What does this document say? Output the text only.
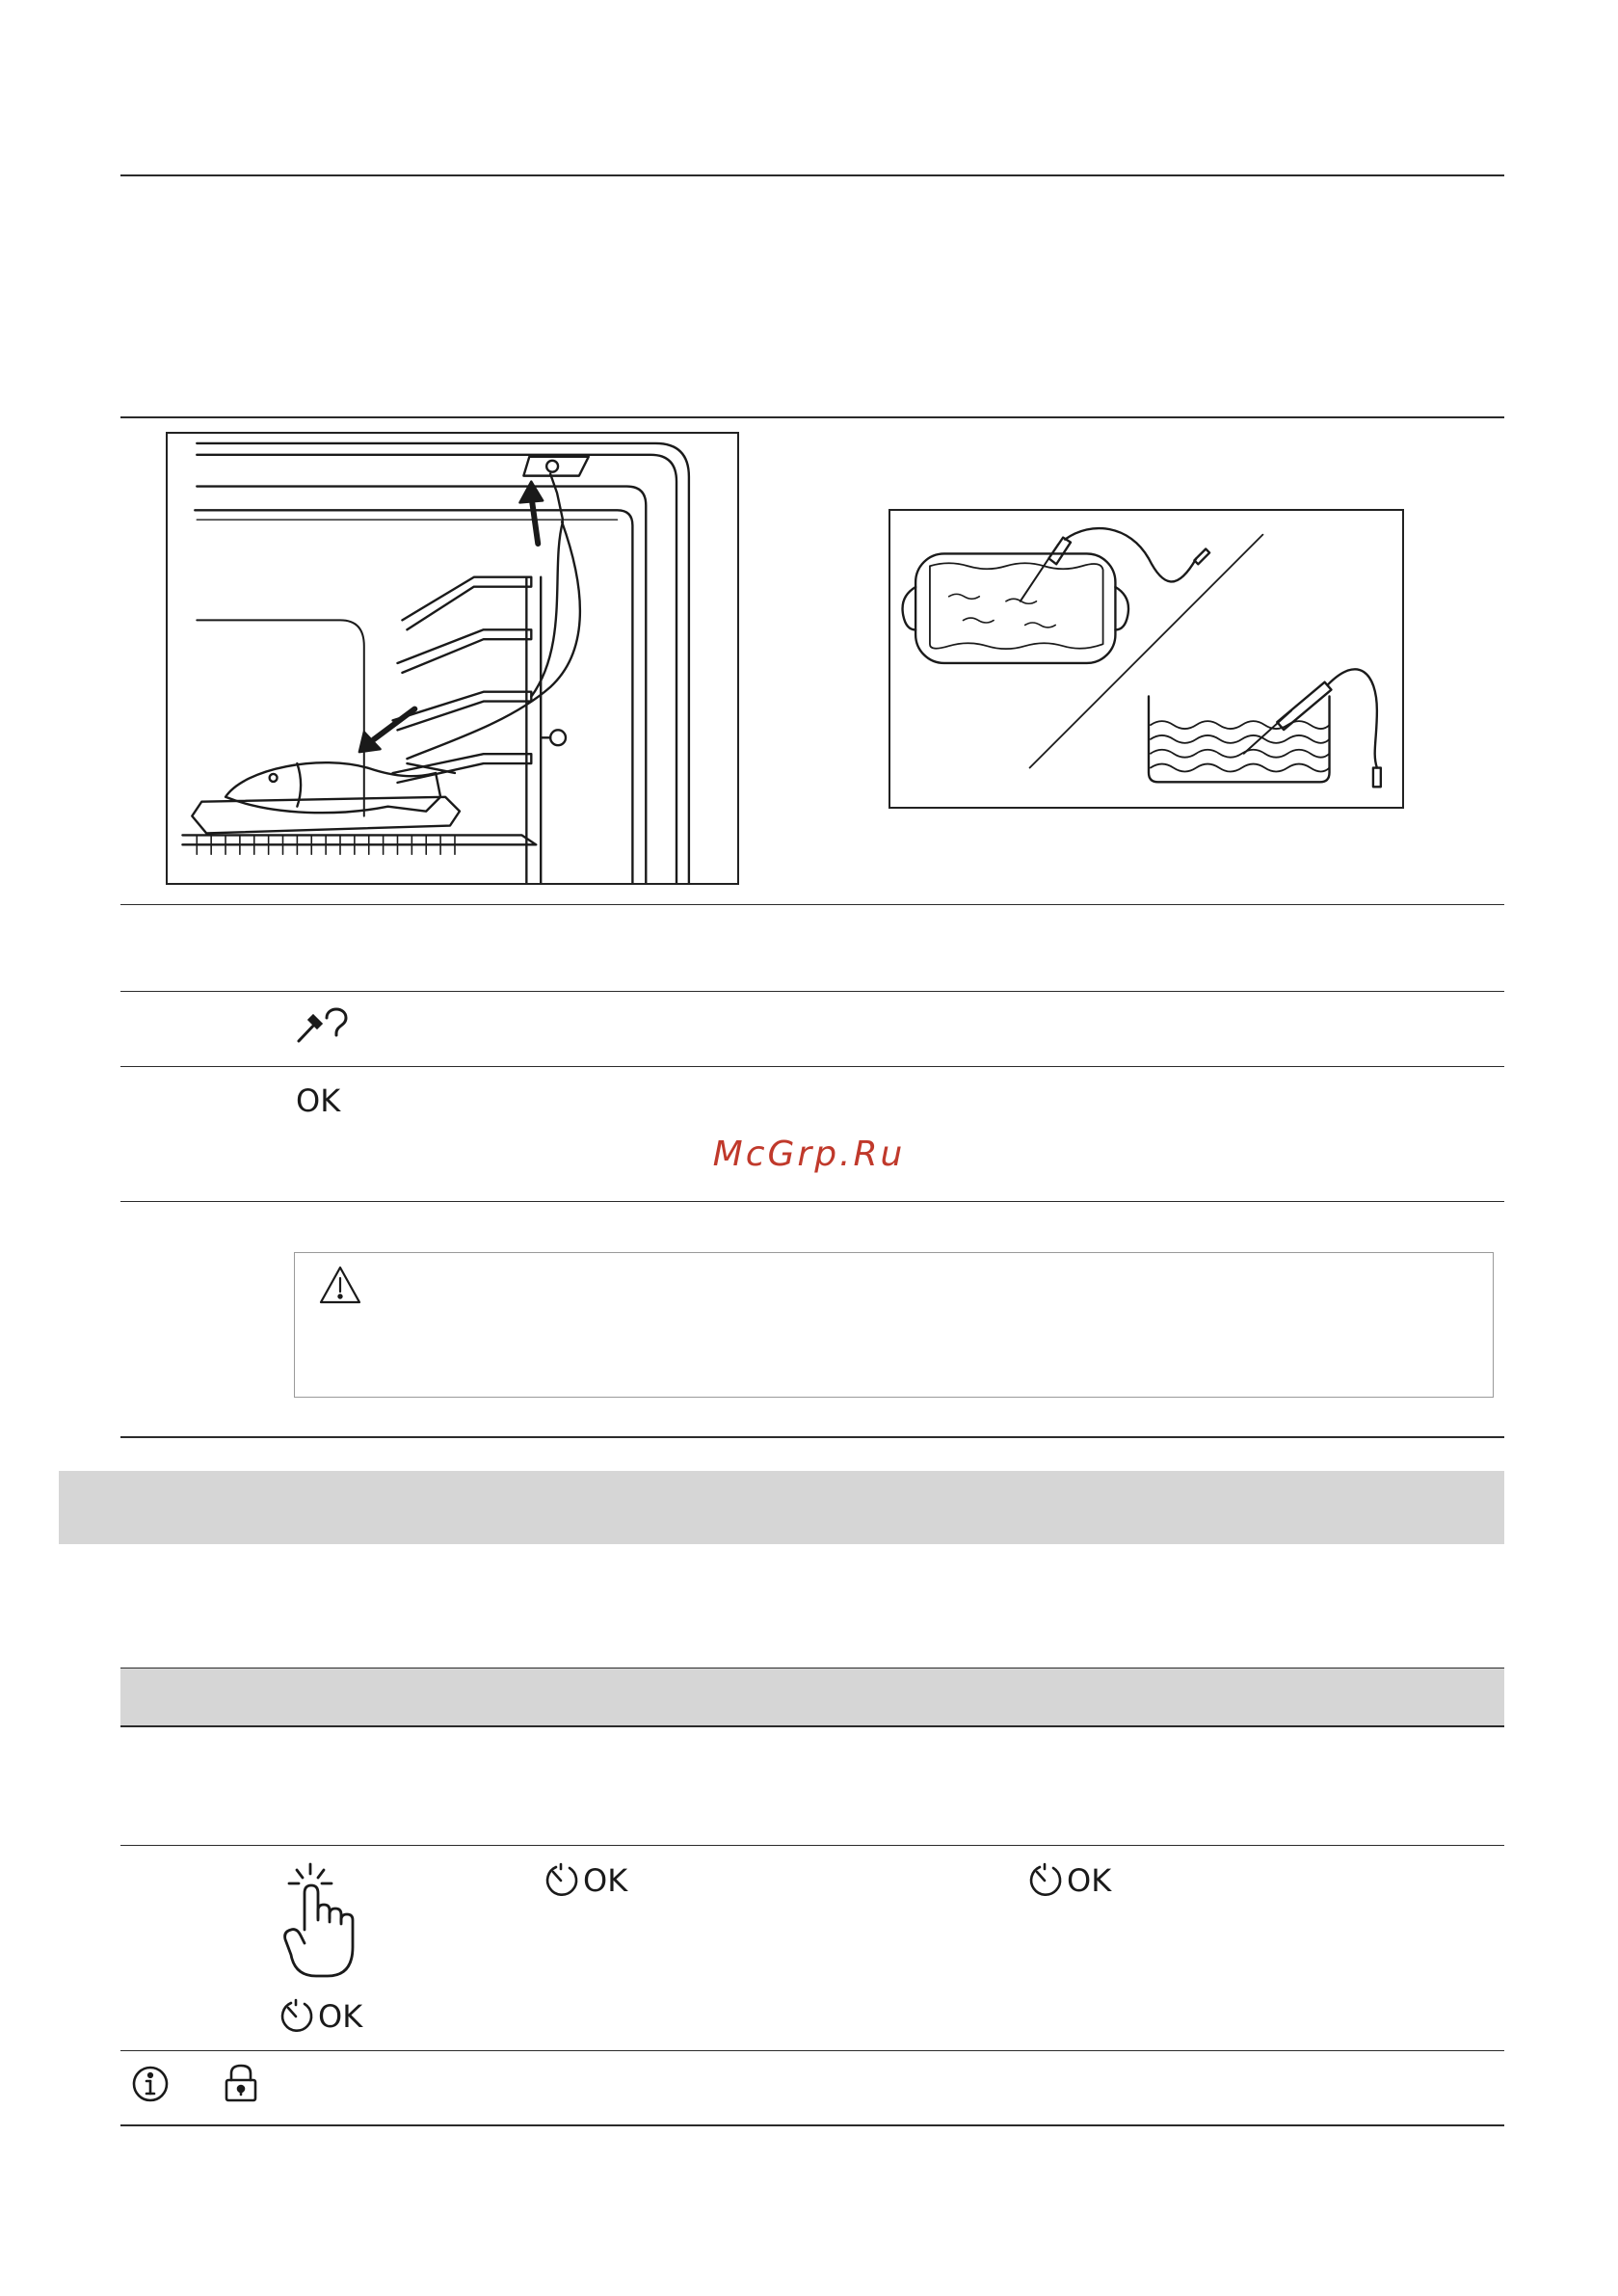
OK
McGrp.Ru
OK
OK	OK
